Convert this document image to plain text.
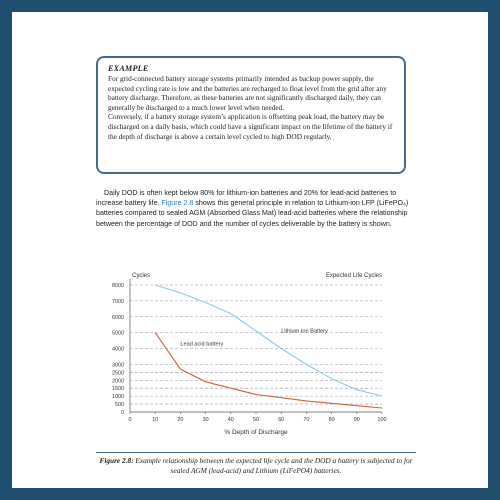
EXAMPLE

For grid-connected battery storage systems primarily intended as backup power supply, the expected cycling rate is low and the batteries are recharged to float level from the grid after any battery discharge. Therefore, as these batteries are not significantly discharged daily, they can generally be discharged to a much lower level when needed.

Conversely, if a battery storage system’s application is offsetting peak load, the battery may be discharged on a daily basis, which could have a significant impact on the lifetime of the battery if the depth of discharge is above a certain level cycled to high DOD regularly.

Daily DOD is often kept below 80% for lithium-ion batteries and 20% for lead-acid batteries to increase battery life. Figure 2.8 shows this general principle in relation to Lithium-ion LFP (LiFePO₄) batteries compared to sealed AGM (Absorbed Glass Mat) lead-acid batteries where the relationship between the percentage of DOD and the number of cycles deliverable by the battery is shown.

0
500
1000
1500
2000
2500
3000
4000
5000
6000
7000
8000
0	10	20	30	40	50	60	70	80	90	100
Cycles	Expected Life Cycles
% Depth of Discharge
Lithium Ion Battery
Lead acid battery
Figure 2.8: Example relationship between the expected life cycle and the DOD a battery is subjected to for sealed AGM (lead-acid) and Lithium (LiFePO4) batteries.
